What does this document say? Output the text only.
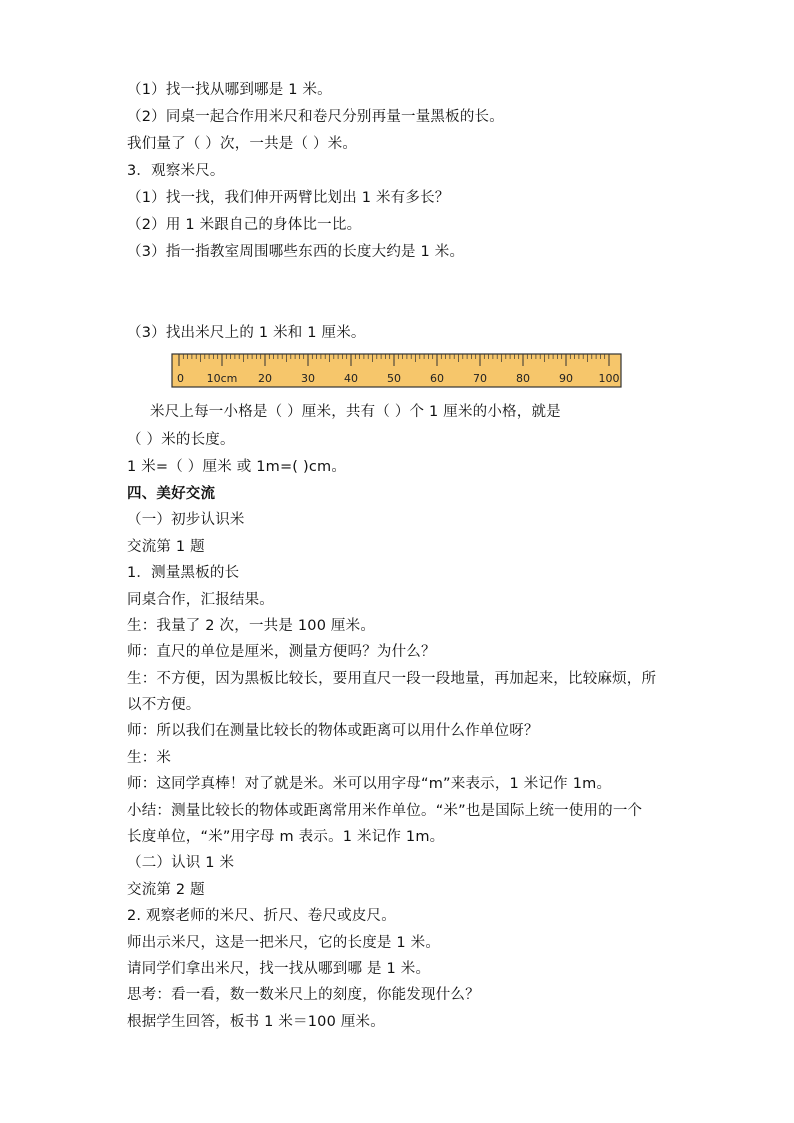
（1）找一找从哪到哪是 1 米。
（2）同桌一起合作用米尺和卷尺分别再量一量黑板的长。
我们量了（ ）次，一共是（ ）米。
3．观察米尺。
（1）找一找，我们伸开两臂比划出 1 米有多长？
（2）用 1 米跟自己的身体比一比。
（3）指一指教室周围哪些东西的长度大约是 1 米。
（3）找出米尺上的 1 米和 1 厘米。
0 10cm 20	30	40	50	60	70	80	90 100
米尺上每一小格是（ ）厘米，共有（ ）个 1 厘米的小格，就是
（ ）米的长度。
1 米=（ ）厘米 或 1m=( )cm。
四、美好交流
（一）初步认识米
交流第 1 题
1．测量黑板的长
同桌合作，汇报结果。
生：我量了 2 次，一共是 100 厘米。
师：直尺的单位是厘米，测量方便吗？为什么？
生：不方便，因为黑板比较长，要用直尺一段一段地量，再加起来，比较麻烦，所
以不方便。
师：所以我们在测量比较长的物体或距离可以用什么作单位呀？
生：米
师：这同学真棒！对了就是米。米可以用字母“m”来表示，1 米记作 1m。
小结：测量比较长的物体或距离常用米作单位。“米”也是国际上统一使用的一个
长度单位，“米”用字母 m 表示。1 米记作 1m。
（二）认识 1 米
交流第 2 题
2. 观察老师的米尺、折尺、卷尺或皮尺。
师出示米尺，这是一把米尺，它的长度是 1 米。
请同学们拿出米尺，找一找从哪到哪 是 1 米。
思考：看一看，数一数米尺上的刻度，你能发现什么？
根据学生回答，板书 1 米＝100 厘米。
